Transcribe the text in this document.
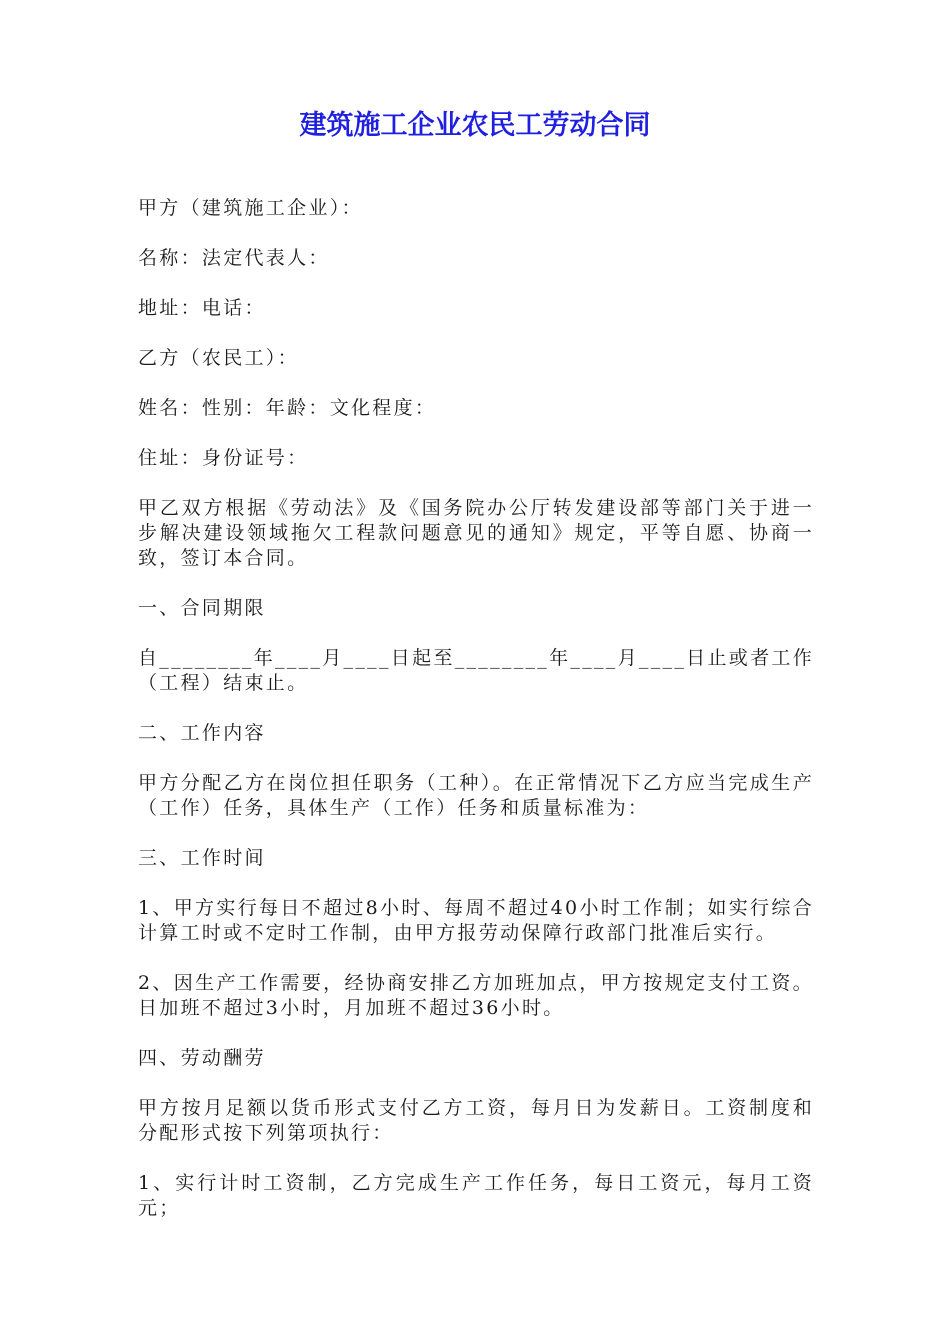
建筑施工企业农民工劳动合同

甲方（建筑施工企业）：

名称：法定代表人：

地址：电话：

乙方（农民工）：

姓名：性别：年龄：文化程度：

住址：身份证号：

甲乙双方根据《劳动法》及《国务院办公厅转发建设部等部门关于进一步解决建设领域拖欠工程款问题意见的通知》规定，平等自愿、协商一致，签订本合同。

一、合同期限

自________年____月____日起至________年____月____日止或者工作（工程）结束止。

二、工作内容

甲方分配乙方在岗位担任职务（工种）。在正常情况下乙方应当完成生产（工作）任务，具体生产（工作）任务和质量标准为：

三、工作时间

1、甲方实行每日不超过8小时、每周不超过40小时工作制；如实行综合计算工时或不定时工作制，由甲方报劳动保障行政部门批准后实行。

2、因生产工作需要，经协商安排乙方加班加点，甲方按规定支付工资。日加班不超过3小时，月加班不超过36小时。

四、劳动酬劳

甲方按月足额以货币形式支付乙方工资，每月日为发薪日。工资制度和分配形式按下列第项执行：

1、实行计时工资制，乙方完成生产工作任务，每日工资元，每月工资元；
